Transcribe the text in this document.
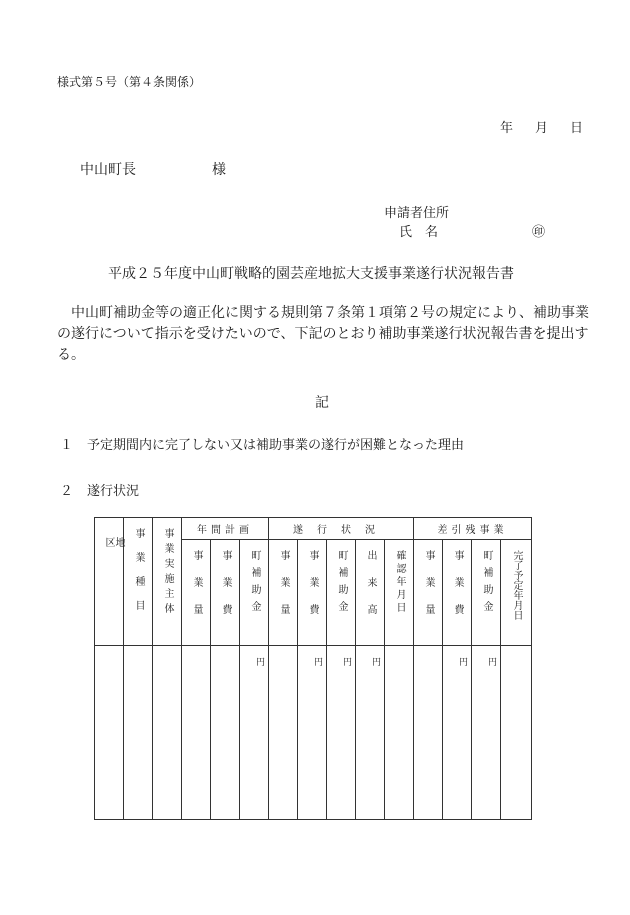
様式第５号（第４条関係）
年 月 日
中山町長	様
申請者住所
氏　名	㊞
平成２５年度中山町戦略的園芸産地拡大支援事業遂行状況報告書
中山町補助金等の適正化に関する規則第７条第１項第２号の規定により、補助事業の遂行について指示を受けたいので、下記のとおり補助事業遂行状況報告書を提出する。
記
１ 予定期間内に完了しない又は補助事業の遂行が困難となった理由
２ 遂行状況
地区	事業種目	事業実施主体	年間計画			遂行状況					差引残事業			
			事業量	事業費	町補助金	事業量	事業費	町補助金	出来高	確認年月日	事業量	事業費	町補助金	完了予定年月日
					円		円	円	円			円	円	
